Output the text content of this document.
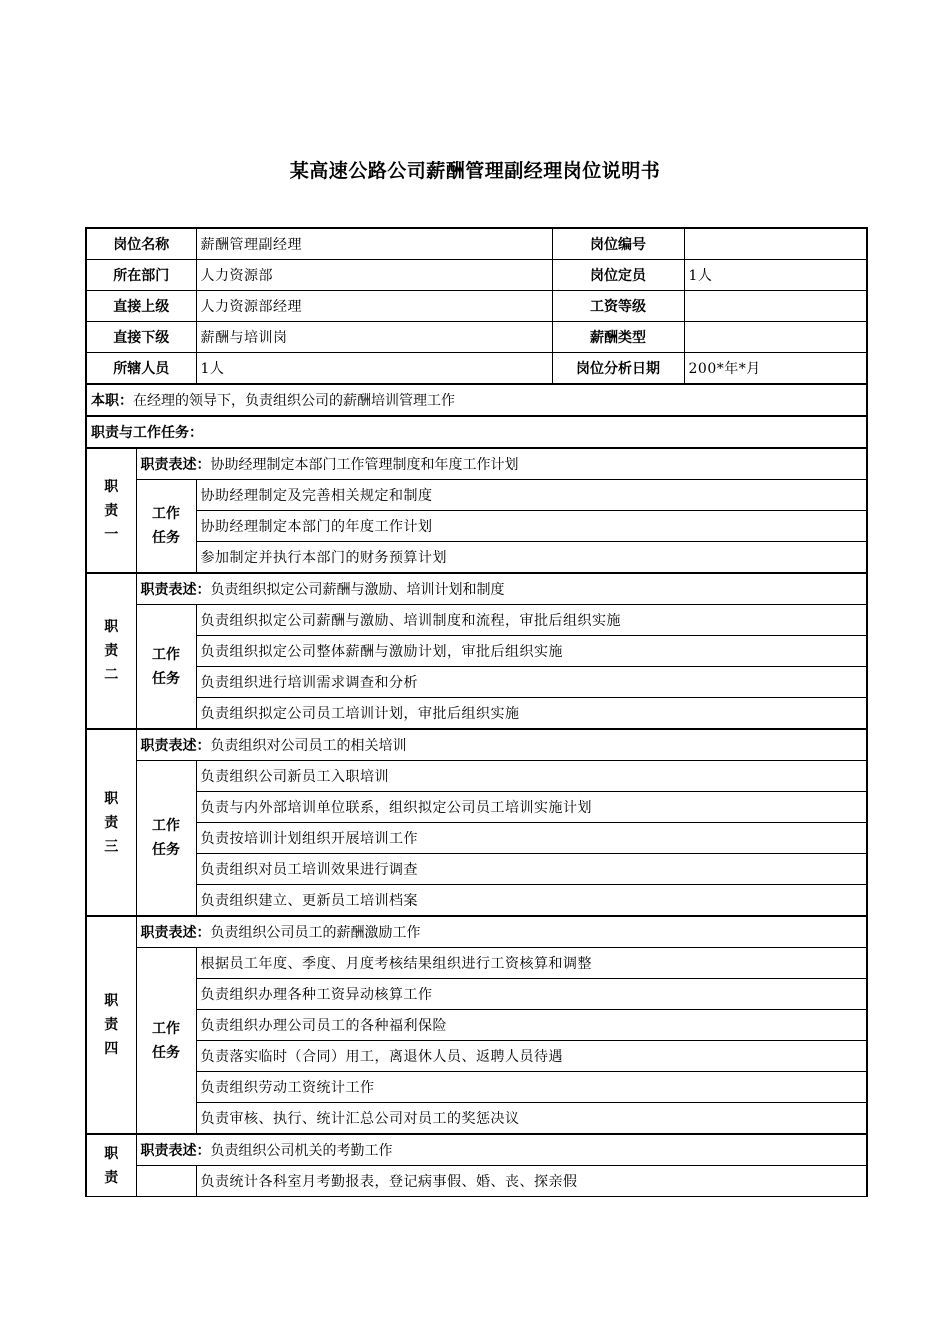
某高速公路公司薪酬管理副经理岗位说明书
岗位名称		薪酬管理副经理	岗位编号	
所在部门		人力资源部	岗位定员	1人
直接上级		人力资源部经理	工资等级	
直接下级		薪酬与培训岗	薪酬类型	
所辖人员		1人	岗位分析日期	200*年*月
本职：在经理的领导下，负责组织公司的薪酬培训管理工作				
职责与工作任务：				

职
责
一	职责表述：协助经理制定本部门工作管理制度和年度工作计划			

	工作
任务	协助经理制定及完善相关规定和制度		
		协助经理制定本部门的年度工作计划		
		参加制定并执行本部门的财务预算计划		

职
责
二	职责表述：负责组织拟定公司薪酬与激励、培训计划和制度			

	工作
任务	负责组织拟定公司薪酬与激励、培训制度和流程，审批后组织实施		
		负责组织拟定公司整体薪酬与激励计划，审批后组织实施		
		负责组织进行培训需求调查和分析		
		负责组织拟定公司员工培训计划，审批后组织实施		

职
责
三	职责表述：负责组织对公司员工的相关培训			

	工作
任务	负责组织公司新员工入职培训		
		负责与内外部培训单位联系，组织拟定公司员工培训实施计划		
		负责按培训计划组织开展培训工作		
		负责组织对员工培训效果进行调查		
		负责组织建立、更新员工培训档案		

职
责
四	职责表述：负责组织公司员工的薪酬激励工作			

	工作
任务	根据员工年度、季度、月度考核结果组织进行工资核算和调整		
		负责组织办理各种工资异动核算工作		
		负责组织办理公司员工的各种福利保险		
		负责落实临时（合同）用工，离退休人员、返聘人员待遇		
		负责组织劳动工资统计工作		
		负责审核、执行、统计汇总公司对员工的奖惩决议		

职
责	职责表述：负责组织公司机关的考勤工作			
		负责统计各科室月考勤报表，登记病事假、婚、丧、探亲假		
